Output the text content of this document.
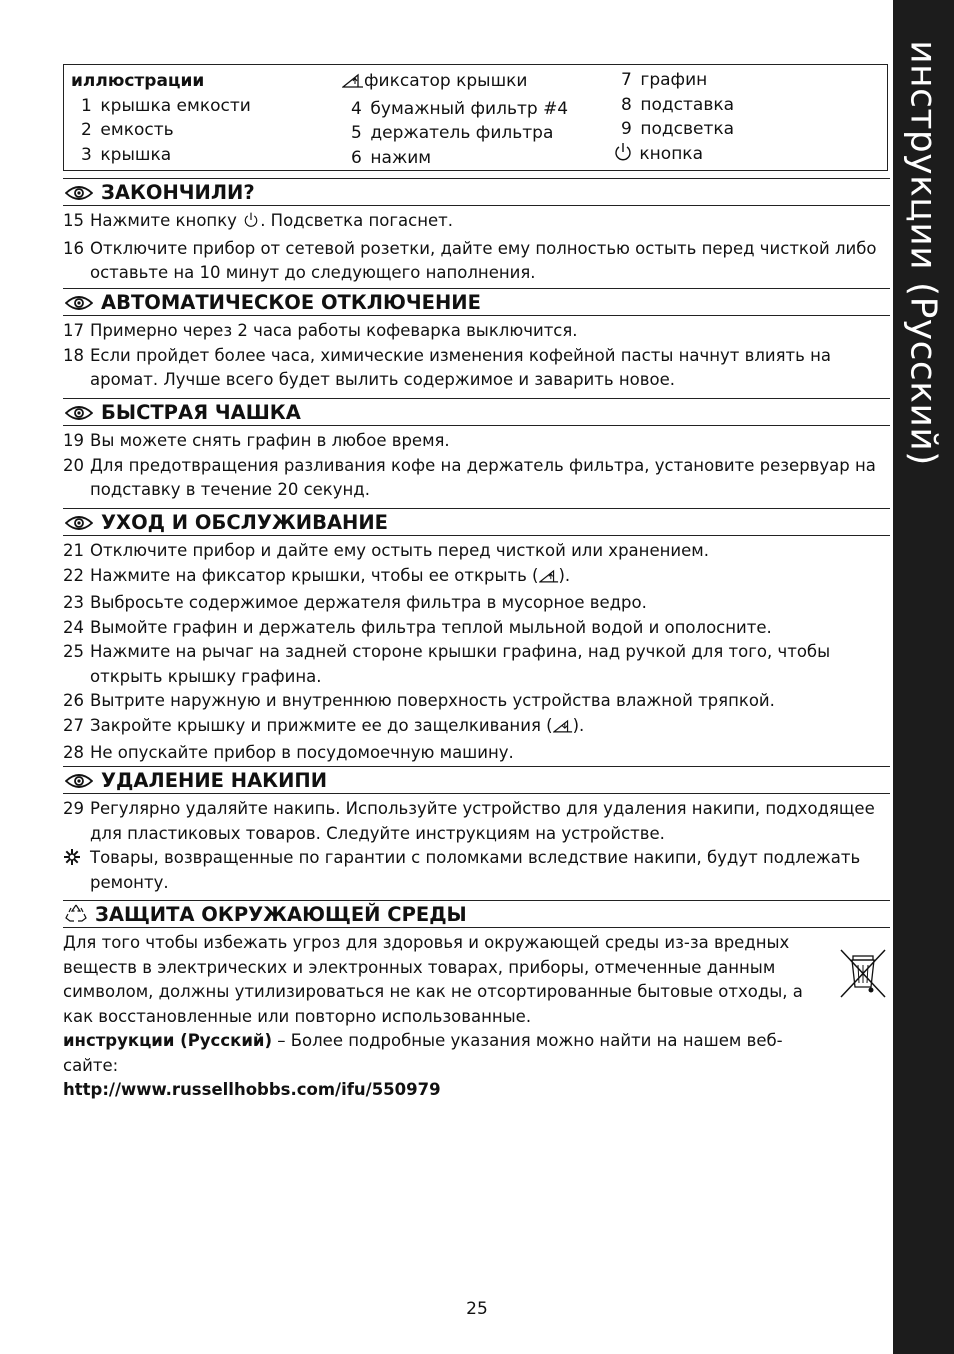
инструкции (Русский)
иллюстрации
1 крышка емкости
2 емкость
3 крышка
фиксатор крышки
4 бумажный фильтр #4
5 держатель фильтра
6 нажим
7 графин
8 подставка
9 подсветка
кнопка
ЗАКОНЧИЛИ?
15 Нажмите кнопку . Подсветка погаснет.
16 Отключите прибор от сетевой розетки, дайте ему полностью остыть перед чисткой либо оставьте на 10 минут до следующего наполнения.
АВТОМАТИЧЕСКОЕ ОТКЛЮЧЕНИЕ
17 Примерно через 2 часа работы кофеварка выключится.
18 Если пройдет более часа, химические изменения кофейной пасты начнут влиять на аромат. Лучше всего будет вылить содержимое и заварить новое.
БЫСТРАЯ ЧАШКА
19 Вы можете снять графин в любое время.
20 Для предотвращения разливания кофе на держатель фильтра, установите резервуар на подставку в течение 20 секунд.
УХОД И ОБСЛУЖИВАНИЕ
21 Отключите прибор и дайте ему остыть перед чисткой или хранением.
22 Нажмите на фиксатор крышки, чтобы ее открыть ( ).
23 Выбросьте содержимое держателя фильтра в мусорное ведро.
24 Вымойте графин и держатель фильтра теплой мыльной водой и ополосните.
25 Нажмите на рычаг на задней стороне крышки графина, над ручкой для того, чтобы открыть крышку графина.
26 Вытрите наружную и внутреннюю поверхность устройства влажной тряпкой.
27 Закройте крышку и прижмите ее до защелкивания ( ).
28 Не опускайте прибор в посудомоечную машину.
УДАЛЕНИЕ НАКИПИ
29 Регулярно удаляйте накипь. Используйте устройство для удаления накипи, подходящее для пластиковых товаров. Следуйте инструкциям на устройстве.
Товары, возвращенные по гарантии с поломками вследствие накипи, будут подлежать ремонту.
ЗАЩИТА ОКРУЖАЮЩЕЙ СРЕДЫ
Для того чтобы избежать угроз для здоровья и окружающей среды из-за вредных веществ в электрических и электронных товарах, приборы, отмеченные данным символом, должны утилизироваться не как не отсортированные бытовые отходы, а как восстановленные или повторно использованные.
инструкции (Русский) – Более подробные указания можно найти на нашем веб-сайте:
http://www.russellhobbs.com/ifu/550979
25
